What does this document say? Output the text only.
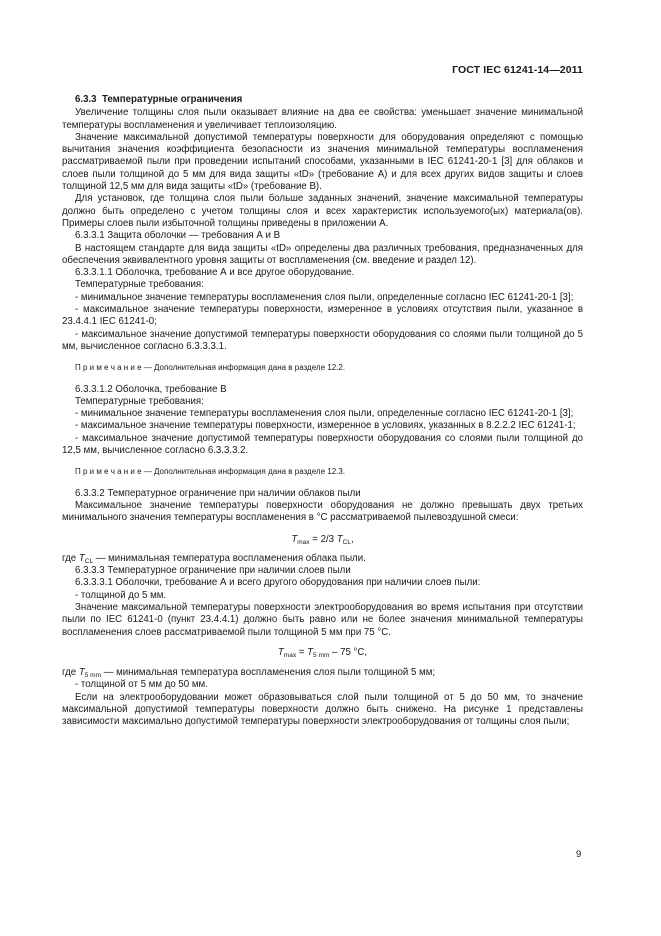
ГОСТ IEC 61241-14—2011

6.3.3 Температурные ограничения

Увеличение толщины слоя пыли оказывает влияние на два ее свойства: уменьшает значение минимальной температуры воспламенения и увеличивает теплоизоляцию.

Значение максимальной допустимой температуры поверхности для оборудования определяют с помощью вычитания значения коэффициента безопасности из значения минимальной температуры воспламенения рассматриваемой пыли при проведении испытаний способами, указанными в IEC 61241-20-1 [3] для облаков и слоев пыли толщиной до 5 мм для вида защиты «tD» (требование А) и для всех других видов защиты и слоев толщиной 12,5 мм для вида защиты «tD» (требование В).

Для установок, где толщина слоя пыли больше заданных значений, значение максимальной температуры должно быть определено с учетом толщины слоя и всех характеристик используемого(ых) материала(ов). Примеры слоев пыли избыточной толщины приведены в приложении А.

6.3.3.1 Защита оболочки — требования А и В

В настоящем стандарте для вида защиты «tD» определены два различных требования, предназначенных для обеспечения эквивалентного уровня защиты от воспламенения (см. введение и раздел 12).

6.3.3.1.1 Оболочка, требование А и все другое оборудование.

Температурные требования:

- минимальное значение температуры воспламенения слоя пыли, определенные согласно IEC 61241-20-1 [3];

- максимальное значение температуры поверхности, измеренное в условиях отсутствия пыли, указанное в 23.4.4.1 IEC 61241-0;

- максимальное значение допустимой температуры поверхности оборудования со слоями пыли толщиной до 5 мм, вычисленное согласно 6.3.3.3.1.

П р и м е ч а н и е — Дополнительная информация дана в разделе 12.2.

6.3.3.1.2 Оболочка, требование В

Температурные требования:

- минимальное значение температуры воспламенения слоя пыли, определенные согласно IEC 61241-20-1 [3];

- максимальное значение температуры поверхности, измеренное в условиях, указанных в 8.2.2.2 IEC 61241-1;

- максимальное значение допустимой температуры поверхности оборудования со слоями пыли толщиной до 12,5 мм, вычисленное согласно 6.3.3.3.2.

П р и м е ч а н и е — Дополнительная информация дана в разделе 12.3.

6.3.3.2 Температурное ограничение при наличии облаков пыли

Максимальное значение температуры поверхности оборудования не должно превышать двух третьих минимального значения температуры воспламенения в °С рассматриваемой пылевоздушной смеси:

$T_{max} = 2/3$ $T_{CL}$,

где $T_{CL}$ — минимальная температура воспламенения облака пыли.

6.3.3.3 Температурное ограничение при наличии слоев пыли

6.3.3.3.1 Оболочки, требование А и всего другого оборудования при наличии слоев пыли:

- толщиной до 5 мм.

Значение максимальной температуры поверхности электрооборудования во время испытания при отсутствии пыли по IEC 61241-0 (пункт 23.4.4.1) должно быть равно или не более значения минимальной температуры воспламенения слоев рассматриваемой пыли толщиной 5 мм при 75 °С.

$T_{max} = T_{5 mm} - 75$ °С,

где $T_{5 mm}$ — минимальная температура воспламенения слоя пыли толщиной 5 мм;

- толщиной от 5 мм до 50 мм.

Если на электрооборудовании может образовываться слой пыли толщиной от 5 до 50 мм, то значение максимальной допустимой температуры поверхности должно быть снижено. На рисунке 1 представлены зависимости максимально допустимой температуры поверхности электрооборудования от толщины слоя пыли;

9
